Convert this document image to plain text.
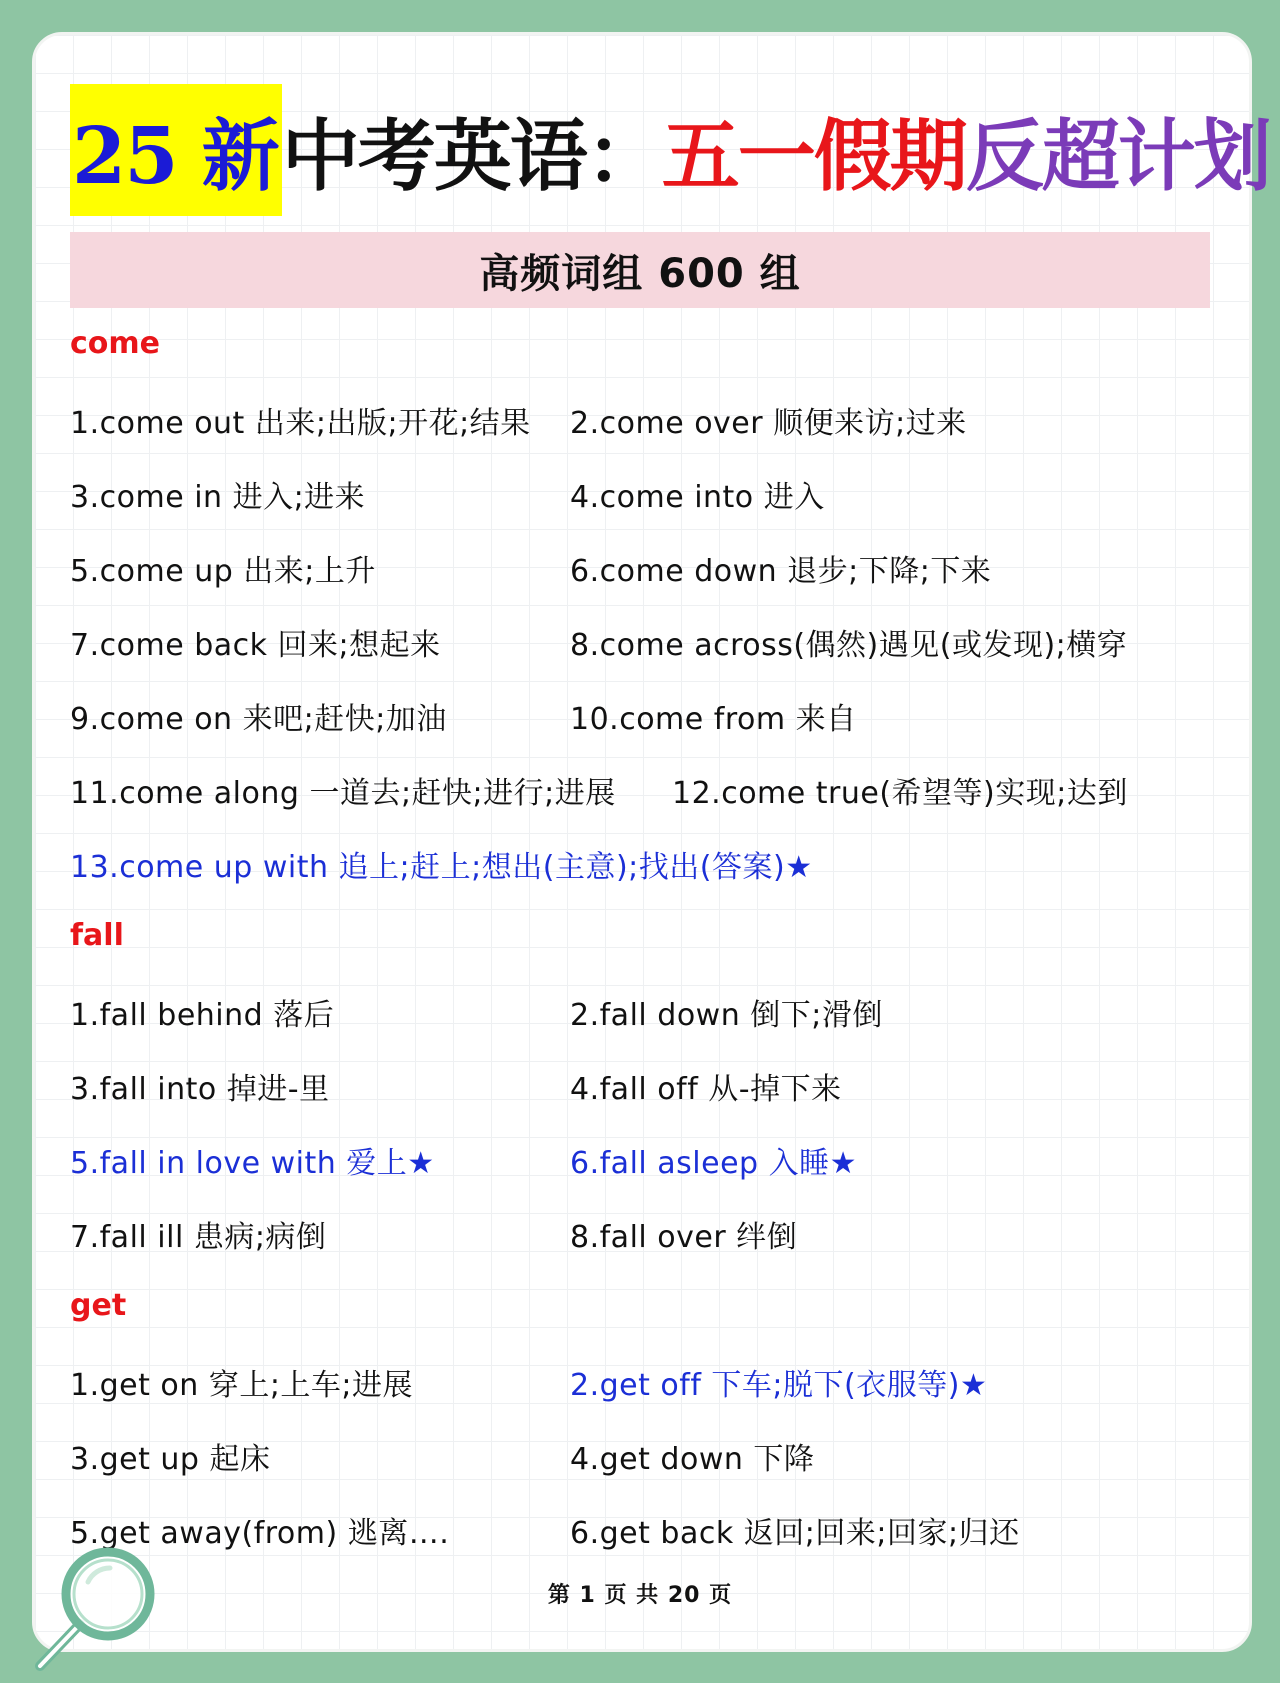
25 新 中考英语： 五一假期 反超计划
高频词组 600 组
come
1.come out 出来;出版;开花;结果 2.come over 顺便来访;过来
3.come in 进入;进来	4.come into 进入
5.come up 出来;上升	6.come down 退步;下降;下来
7.come back 回来;想起来	8.come across(偶然)遇见(或发现);横穿
9.come on 来吧;赶快;加油	10.come from 来自
11.come along 一道去;赶快;进行;进展 12.come true(希望等)实现;达到
13.come up with 追上;赶上;想出(主意);找出(答案)★
fall
1.fall behind 落后	2.fall down 倒下;滑倒
3.fall into 掉进-里	4.fall off 从-掉下来
5.fall in love with 爱上★	6.fall asleep 入睡★
7.fall ill 患病;病倒	8.fall over 绊倒
get
1.get on 穿上;上车;进展	2.get off 下车;脱下(衣服等)★
3.get up 起床	4.get down 下降
5.get away(from) 逃离….	6.get back 返回;回来;回家;归还
第 1 页 共 20 页
